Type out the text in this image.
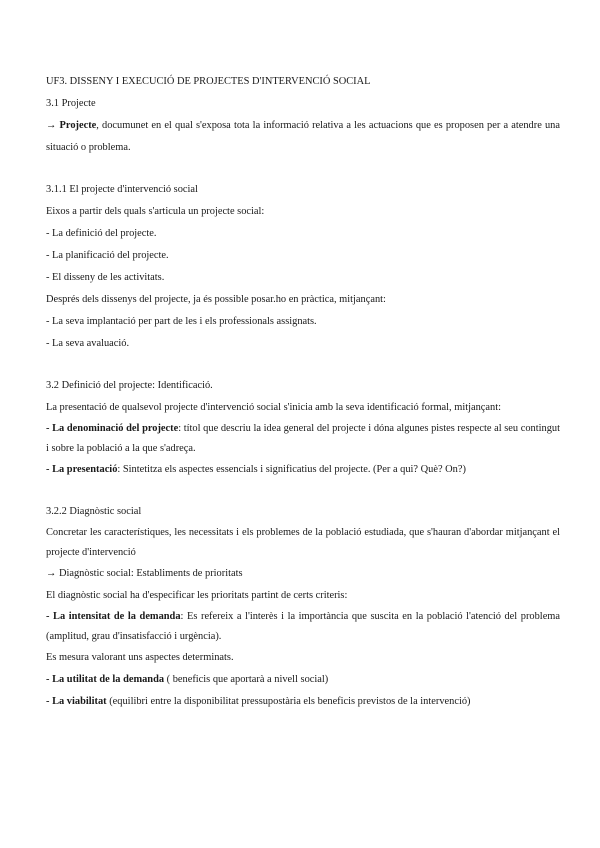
UF3. DISSENY I EXECUCIÓ DE PROJECTES D'INTERVENCIÓ SOCIAL
3.1 Projecte
→ Projecte, documunet en el qual s'exposa tota la informació relativa a les actuacions que es proposen per a atendre una situació o problema.
3.1.1 El projecte d'intervenció social
Eixos a partir dels quals s'articula un projecte social:
- La definició del projecte.
- La planificació del projecte.
- El disseny de les activitats.
Després dels dissenys del projecte, ja és possible posar.ho en pràctica, mitjançant:
- La seva implantació per part de les i els professionals assignats.
- La seva avaluació.
3.2 Definició del projecte: Identificació.
La presentació de qualsevol projecte d'intervenció social s'inicia amb la seva identificació formal, mitjançant:
- La denominació del projecte: títol que descriu la idea general del projecte i dóna algunes pistes respecte al seu contingut i sobre la població a la que s'adreça.
- La presentació: Sintetitza els aspectes essencials i significatius del projecte. (Per a qui? Què? On?)
3.2.2 Diagnòstic social
Concretar les característiques, les necessitats i els problemes de la població estudiada, que s'hauran d'abordar mitjançant el projecte d'intervenció
→ Diagnòstic social: Establiments de prioritats
El diagnòstic social ha d'especificar les prioritats partint de certs criteris:
- La intensitat de la demanda: Es refereix a l'interès i la importància que suscita en la població l'atenció del problema (amplitud, grau d'insatisfacció i urgència).
Es mesura valorant uns aspectes determinats.
- La utilitat de la demanda ( beneficis que aportarà a nivell social)
- La viabilitat (equilibri entre la disponibilitat pressupostària els beneficis previstos de la intervenció)
